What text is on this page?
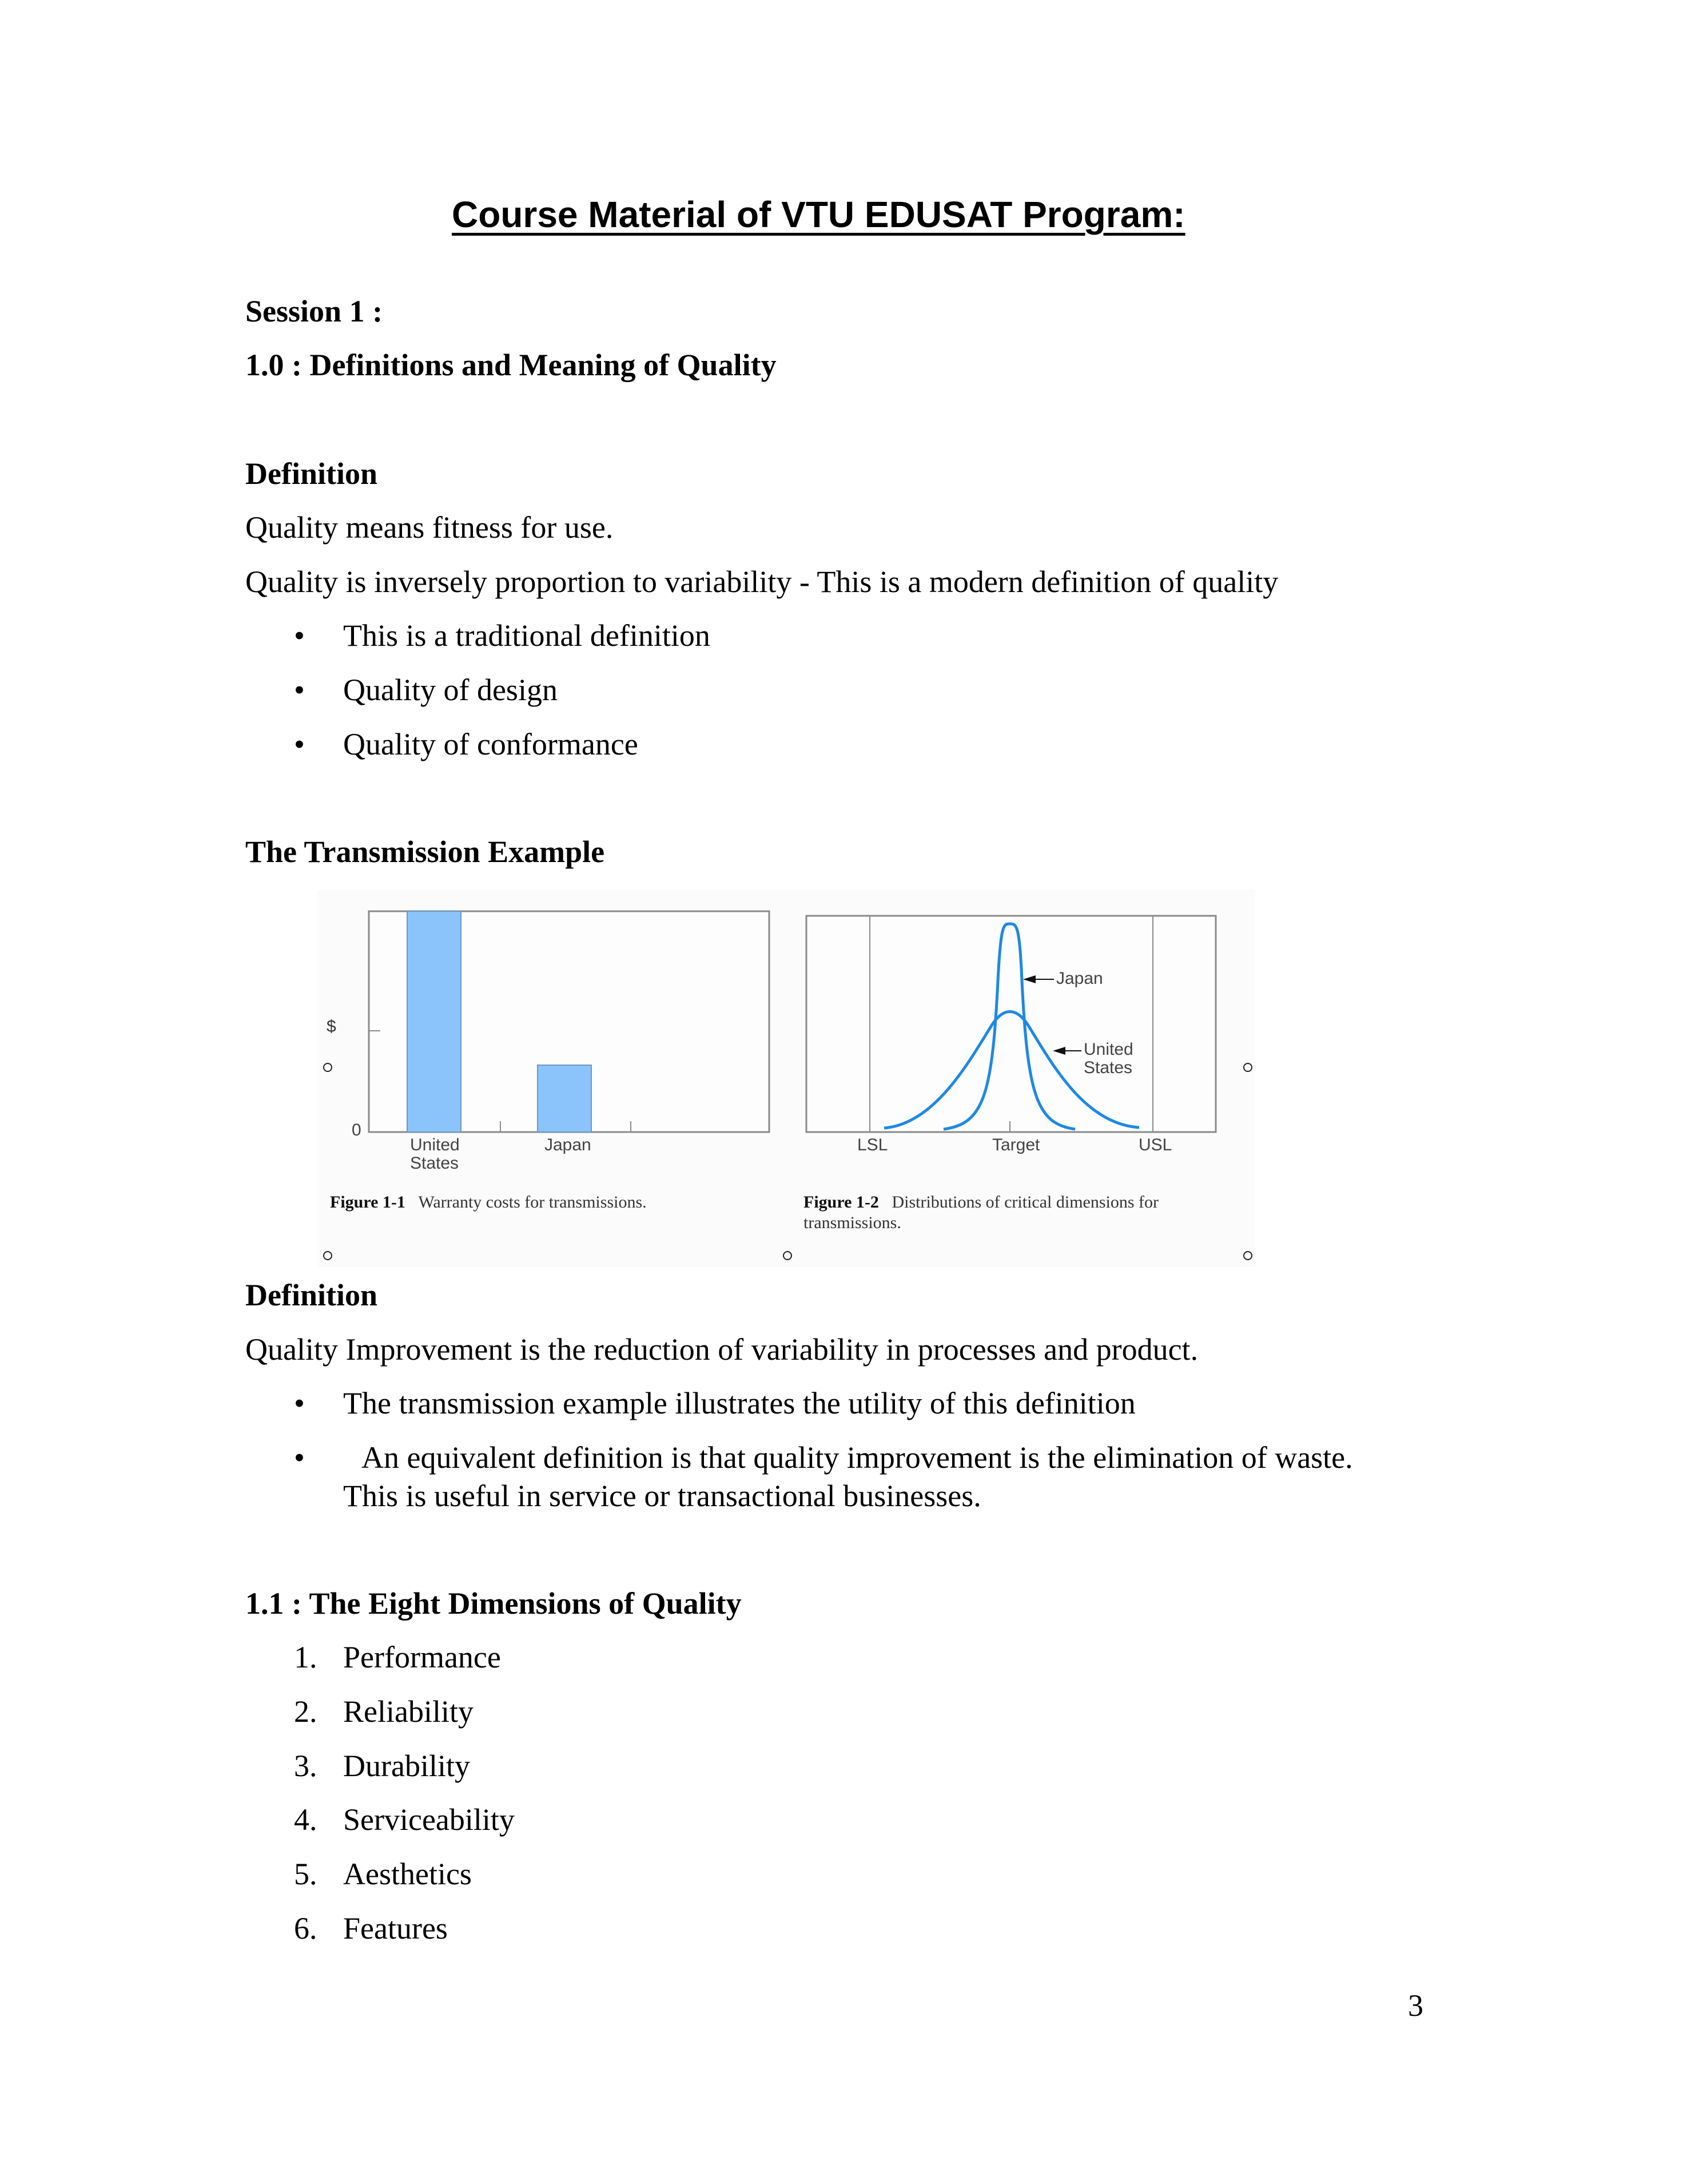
Course Material of VTU EDUSAT Program:
Session 1 :
1.0 : Definitions and Meaning of Quality
Definition
Quality means fitness for use.
Quality is inversely proportion to variability - This is a modern definition of quality
• This is a traditional definition
• Quality of design
• Quality of conformance
The Transmission Example
$
0
United
States
Japan
Figure 1-1 Warranty costs for transmissions.
LSL	Target	USL
Japan
United
States
Figure 1-2 Distributions of critical dimensions for
transmissions.
Definition
Quality Improvement is the reduction of variability in processes and product.
• The transmission example illustrates the utility of this definition
• An equivalent definition is that quality improvement is the elimination of waste.
This is useful in service or transactional businesses.
1.1 : The Eight Dimensions of Quality
1. Performance
2. Reliability
3. Durability
4. Serviceability
5. Aesthetics
6. Features
3
